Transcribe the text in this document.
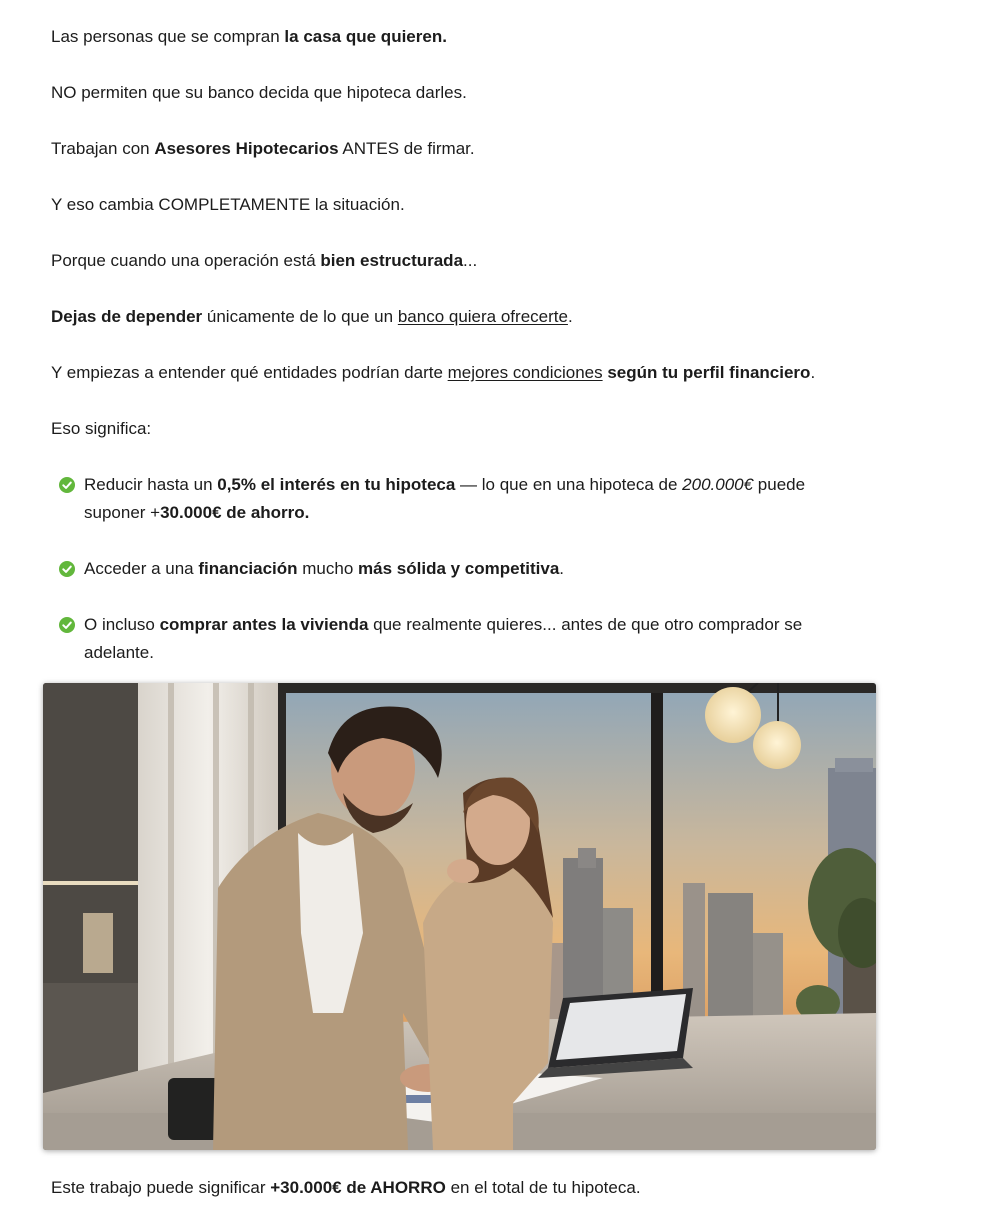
Las personas que se compran la casa que quieren.

NO permiten que su banco decida que hipoteca darles.

Trabajan con Asesores Hipotecarios ANTES de firmar.

Y eso cambia COMPLETAMENTE la situación.

Porque cuando una operación está bien estructurada...

Dejas de depender únicamente de lo que un banco quiera ofrecerte.

Y empiezas a entender qué entidades podrían darte mejores condiciones según tu perfil financiero.

Eso significa:

Reducir hasta un 0,5% el interés en tu hipoteca — lo que en una hipoteca de 200.000€ puede suponer +30.000€ de ahorro.
Acceder a una financiación mucho más sólida y competitiva.
O incluso comprar antes la vivienda que realmente quieres... antes de que otro comprador se adelante.

Este trabajo puede significar +30.000€ de AHORRO en el total de tu hipoteca.
